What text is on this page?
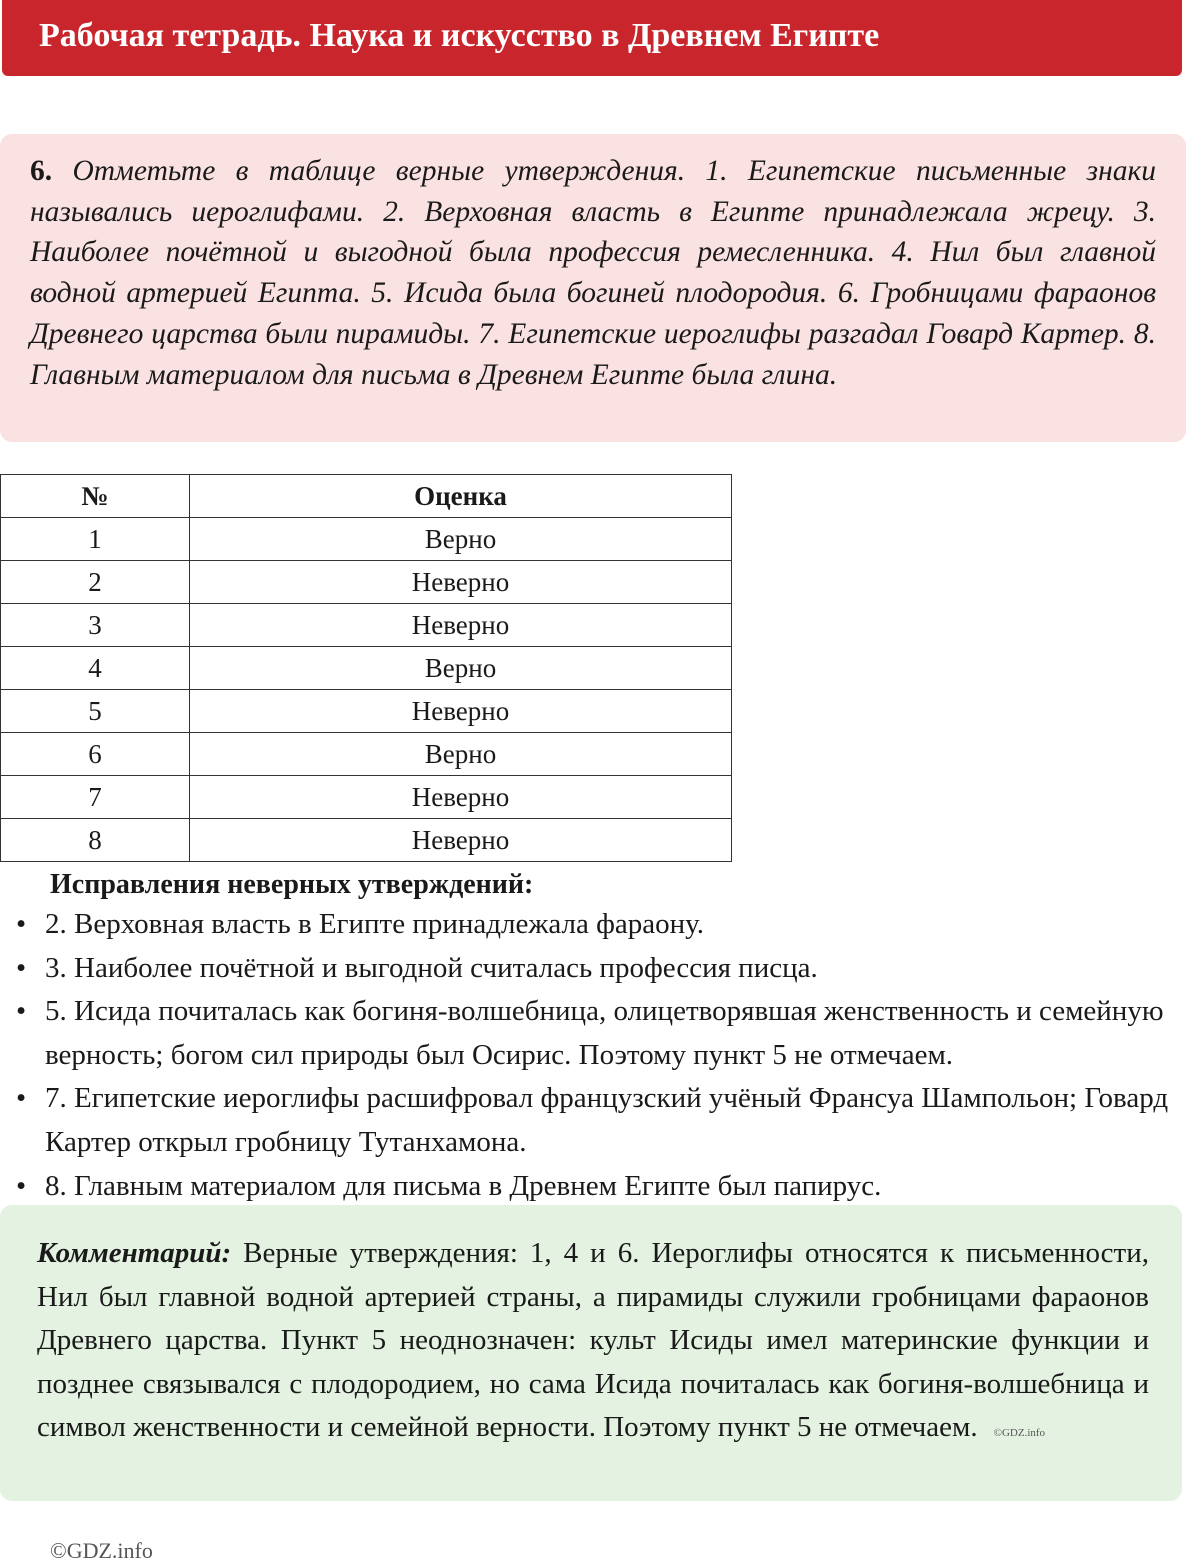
Рабочая тетрадь. Наука и искусство в Древнем Египте
6. Отметьте в таблице верные утверждения. 1. Египетские письменные знаки назывались иероглифами. 2. Верховная власть в Египте принадлежала жрецу. 3. Наиболее почётной и выгодной была профессия ремесленника. 4. Нил был главной водной артерией Египта. 5. Исида была богиней плодородия. 6. Гробницами фараонов Древнего царства были пирамиды. 7. Египетские иероглифы разгадал Говард Картер. 8. Главным материалом для письма в Древнем Египте была глина.
№	Оценка
1	Верно
2	Неверно
3	Неверно
4	Верно
5	Неверно
6	Верно
7	Неверно
8	Неверно
Исправления неверных утверждений:
• 2. Верховная власть в Египте принадлежала фараону.
• 3. Наиболее почётной и выгодной считалась профессия писца.
• 5. Исида почиталась как богиня-волшебница, олицетворявшая женственность и семейную верность; богом сил природы был Осирис. Поэтому пункт 5 не отмечаем.
• 7. Египетские иероглифы расшифровал французский учёный Франсуа Шампольон; Говард Картер открыл гробницу Тутанхамона.
• 8. Главным материалом для письма в Древнем Египте был папирус.
Комментарий: Верные утверждения: 1, 4 и 6. Иероглифы относятся к письменности, Нил был главной водной артерией страны, а пирамиды служили гробницами фараонов Древнего царства. Пункт 5 неоднозначен: культ Исиды имел материнские функции и позднее связывался с плодородием, но сама Исида почиталась как богиня-волшебница и символ женственности и семейной верности. Поэтому пункт 5 не отмечаем. ©GDZ.info
©GDZ.info
